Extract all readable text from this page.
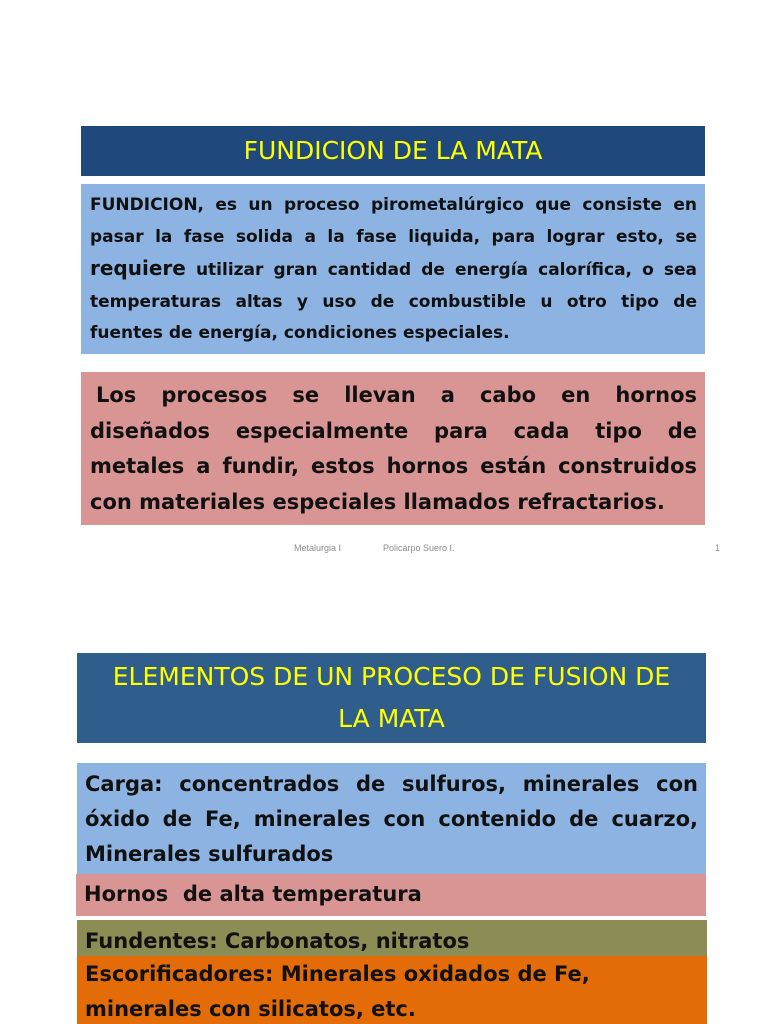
FUNDICION DE LA MATA
FUNDICION, es un proceso pirometalúrgico que consiste en pasar la fase solida a la fase liquida, para lograr esto, se requiere utilizar gran cantidad de energía calorífica, o sea temperaturas altas y uso de combustible u otro tipo de fuentes de energía, condiciones especiales.
Los procesos se llevan a cabo en hornos diseñados especialmente para cada tipo de metales a fundir, estos hornos están construidos con materiales especiales llamados refractarios.
Metalurgia I	Policarpo Suero I.	1
ELEMENTOS DE UN PROCESO DE FUSION DE LA MATA
Carga: concentrados de sulfuros, minerales con óxido de Fe, minerales con contenido de cuarzo, Minerales sulfurados
Hornos  de alta temperatura
Fundentes: Carbonatos, nitratos
Escorificadores: Minerales oxidados de Fe, minerales con silicatos, etc.
